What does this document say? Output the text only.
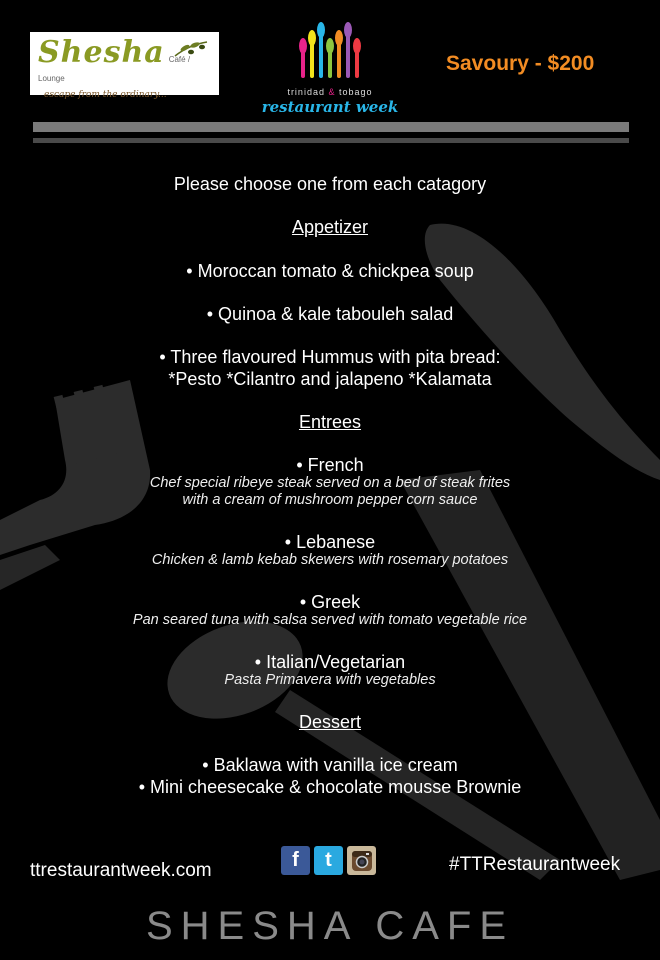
Shesha Café / Lounge
escape from the ordinary...	trinidad & tobago
restaurant week
Savoury - $200

Please choose one from each catagory

Appetizer

• Moroccan tomato & chickpea soup

• Quinoa & kale tabouleh salad

• Three flavoured Hummus with pita bread:

*Pesto *Cilantro and jalapeno *Kalamata

Entrees

• French

Chef special ribeye steak served on a bed of steak frites

with a cream of mushroom pepper corn sauce

• Lebanese

Chicken & lamb kebab skewers with rosemary potatoes

• Greek

Pan seared tuna with salsa served with tomato vegetable rice

• Italian/Vegetarian

Pasta Primavera with vegetables

Dessert

• Baklawa with vanilla ice cream

• Mini cheesecake & chocolate mousse Brownie

ttrestaurantweek.com	f	t	#TTRestaurantweek
SHESHA CAFE
